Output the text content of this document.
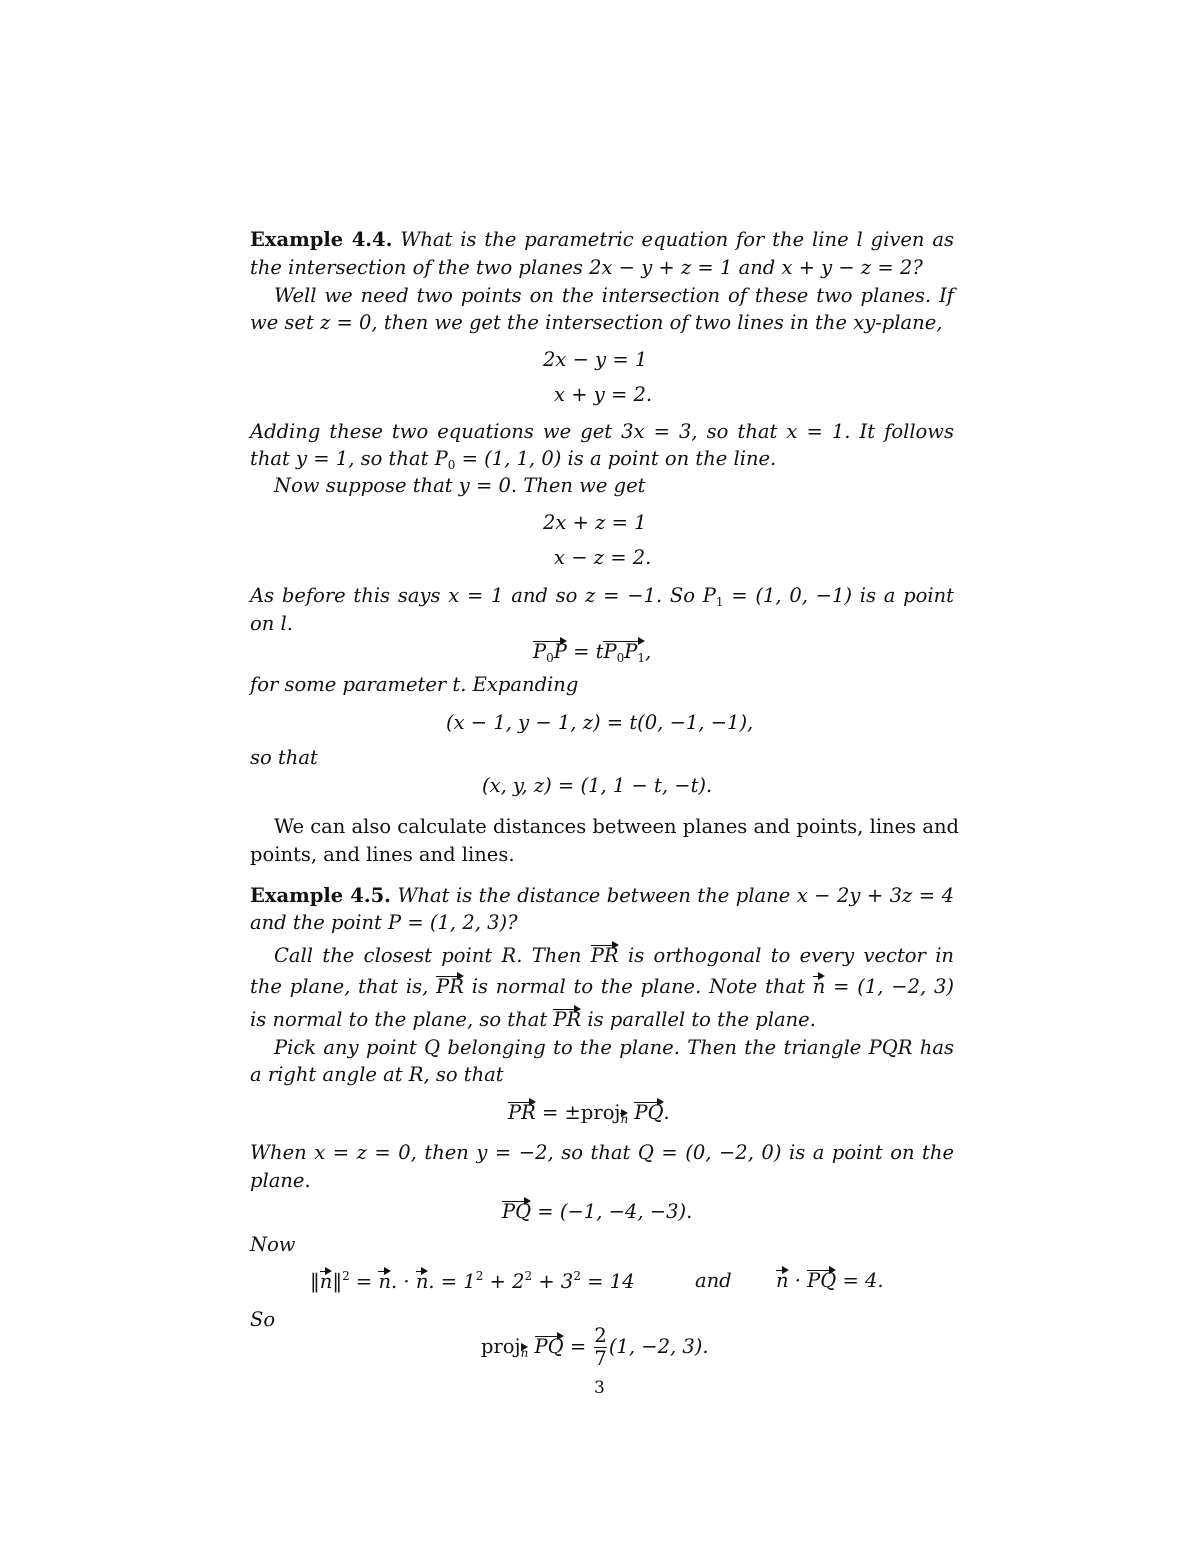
Example 4.4. What is the parametric equation for the line l given as
the intersection of the two planes 2x − y + z = 1 and x + y − z = 2?
Well we need two points on the intersection of these two planes. If
we set z = 0, then we get the intersection of two lines in the xy-plane,
2x − y = 1
x + y = 2.
Adding these two equations we get 3x = 3, so that x = 1. It follows
that y = 1, so that $P_0 = (1$, 1, 0) is a point on the line.
Now suppose that y = 0. Then we get
2x + z = 1
x − z = 2.
As before this says x = 1 and so z = −1. So $P_1 = (1$, 0, −1) is a point
on l.
$P_0P = tP_0P_1$,
for some parameter t. Expanding
(x − 1, y − 1, z) = t(0, −1, −1),
so that
(x, y, z) = (1, 1 − t, −t).
We can also calculate distances between planes and points, lines and
points, and lines and lines.
Example 4.5. What is the distance between the plane x − 2y + 3z = 4
and the point P = (1, 2, 3)?
Call the closest point R. Then PR is orthogonal to every vector in
the plane, that is, PR is normal to the plane. Note that n = (1, −2, 3)
is normal to the plane, so that PR is parallel to the plane.
Pick any point Q belonging to the plane. Then the triangle PQR has
a right angle at R, so that
PR = ±proj$_n$ PQ.
When x = z = 0, then y = −2, so that Q = (0, −2, 0) is a point on the
plane.
PQ = (−1, −4, −3).
Now
‖n‖$^2$ = n. · n. = $1^2 + 2^2 + 3^2 = 14$	and n · PQ = 4.
So
proj$_n$ PQ = $\frac{2}{7} (1$, −2, 3).
3
